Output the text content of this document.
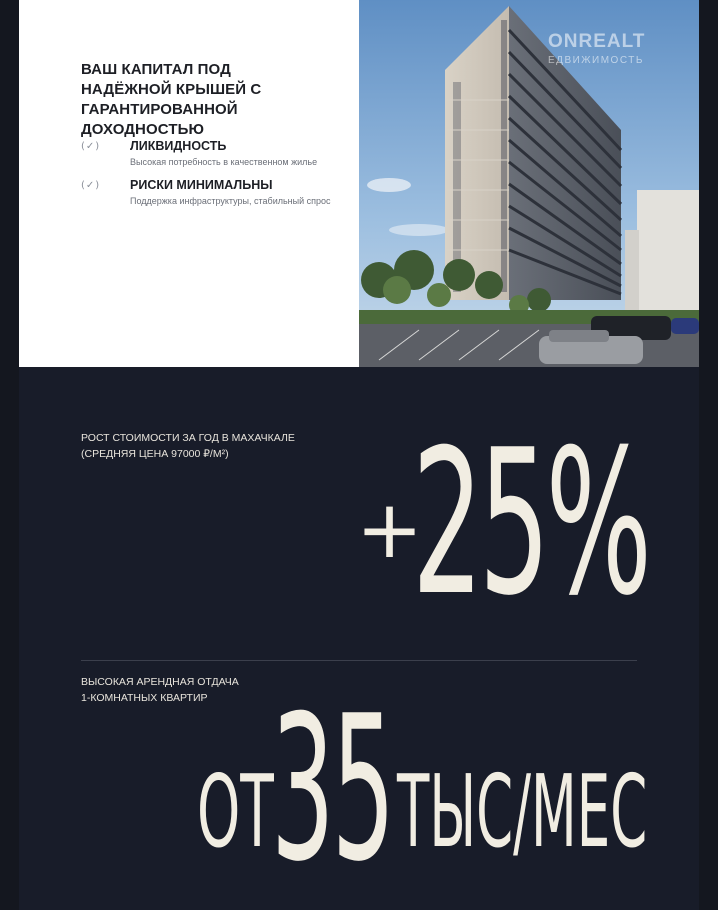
ВАШ КАПИТАЛ ПОД НАДЁЖНОЙ КРЫШЕЙ С ГАРАНТИРОВАННОЙ ДОХОДНОСТЬЮ
(✓) ЛИКВИДНОСТЬ
Высокая потребность в качественном жилье
(✓) РИСКИ МИНИМАЛЬНЫ
Поддержка инфраструктуры, стабильный спрос
ONREALT
ЕДВИЖИМОСТЬ
РОСТ СТОИМОСТИ ЗА ГОД В МАХАЧКАЛЕ
(СРЕДНЯЯ ЦЕНА 97000 ₽/М²)
+
25%
ВЫСОКАЯ АРЕНДНАЯ ОТДАЧА
1-КОМНАТНЫХ КВАРТИР
ОТ
35 ТЫС/МЕС
